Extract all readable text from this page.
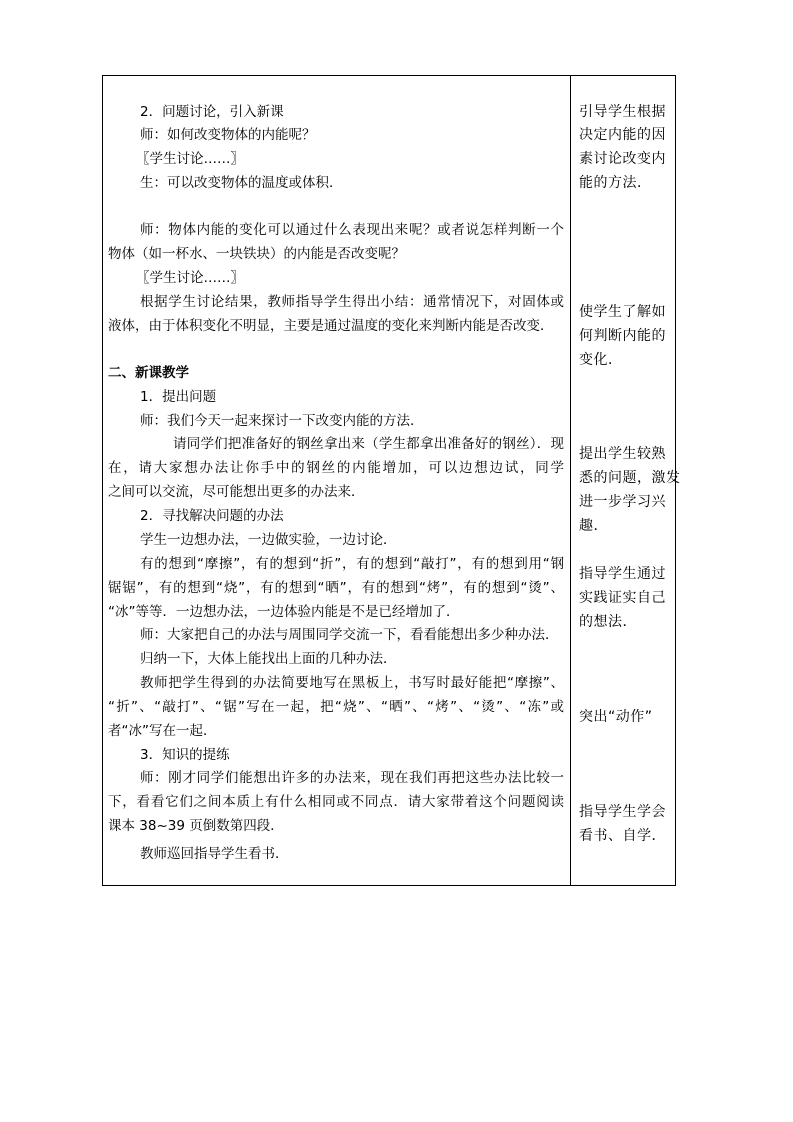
2．问题讨论，引入新课
师：如何改变物体的内能呢？
〖学生讨论……〗
生：可以改变物体的温度或体积．
师：物体内能的变化可以通过什么表现出来呢？或者说怎样判断一个
物体（如一杯水、一块铁块）的内能是否改变呢？
〖学生讨论……〗
根据学生讨论结果，教师指导学生得出小结：通常情况下，对固体或
液体，由于体积变化不明显，主要是通过温度的变化来判断内能是否改变．
二、新课教学
1．提出问题
师：我们今天一起来探讨一下改变内能的方法．
请同学们把准备好的钢丝拿出来（学生都拿出准备好的钢丝）．现
在，请大家想办法让你手中的钢丝的内能增加，可以边想边试，同学
之间可以交流，尽可能想出更多的办法来．
2．寻找解决问题的办法
学生一边想办法，一边做实验，一边讨论．
有的想到“摩擦”，有的想到“折”，有的想到“敲打”，有的想到用“钢
锯锯”，有的想到“烧”，有的想到“晒”，有的想到“烤”，有的想到“烫”、
“冰”等等．一边想办法，一边体验内能是不是已经增加了．
师：大家把自己的办法与周围同学交流一下，看看能想出多少种办法．
归纳一下，大体上能找出上面的几种办法．
教师把学生得到的办法简要地写在黑板上，书写时最好能把“摩擦”、
“折”、“敲打”、“锯”写在一起，把“烧”、“晒”、“烤”、“烫”、“冻”或
者“冰”写在一起．
3．知识的提练
师：刚才同学们能想出许多的办法来，现在我们再把这些办法比较一
下，看看它们之间本质上有什么相同或不同点．请大家带着这个问题阅读
课本 38~39 页倒数第四段．
教师巡回指导学生看书．
引导学生根据
决定内能的因
素讨论改变内
能的方法．
使学生了解如
何判断内能的
变化．
提出学生较熟
悉的问题，激发
进一步学习兴
趣．
指导学生通过
实践证实自己
的想法．
突出“动作”
指导学生学会
看书、自学．
